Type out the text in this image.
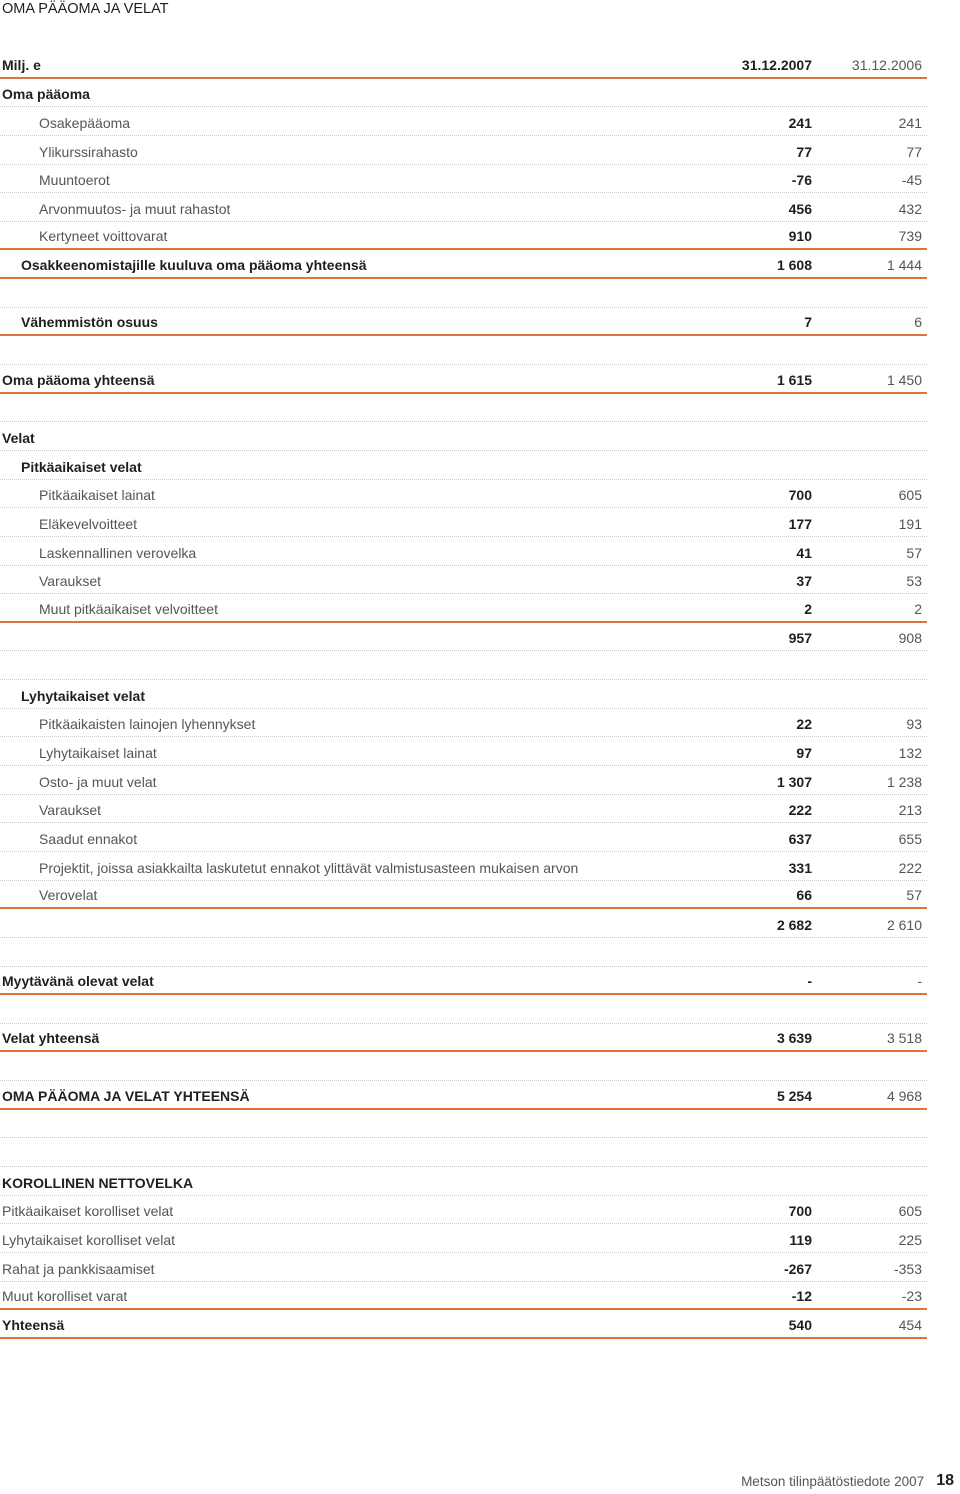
OMA PÄÄOMA JA VELAT
Milj. e	31.12.2007	31.12.2006
Oma pääoma
Osakepääoma	241	241
Ylikurssirahasto	77	77
Muuntoerot	-76	-45
Arvonmuutos- ja muut rahastot	456	432
Kertyneet voittovarat	910	739
Osakkeenomistajille kuuluva oma pääoma yhteensä	1 608	1 444
Vähemmistön osuus	7	6
Oma pääoma yhteensä	1 615	1 450
Velat
Pitkäaikaiset velat
Pitkäaikaiset lainat	700	605
Eläkevelvoitteet	177	191
Laskennallinen verovelka	41	57
Varaukset	37	53
Muut pitkäaikaiset velvoitteet	2	2
957	908
Lyhytaikaiset velat
Pitkäaikaisten lainojen lyhennykset	22	93
Lyhytaikaiset lainat	97	132
Osto- ja muut velat	1 307	1 238
Varaukset	222	213
Saadut ennakot	637	655
Projektit, joissa asiakkailta laskutetut ennakot ylittävät valmistusasteen mukaisen arvon	331	222
Verovelat	66	57
2 682	2 610
Myytävänä olevat velat	-	-
Velat yhteensä	3 639	3 518
OMA PÄÄOMA JA VELAT YHTEENSÄ	5 254	4 968
KOROLLINEN NETTOVELKA
Pitkäaikaiset korolliset velat	700	605
Lyhytaikaiset korolliset velat	119	225
Rahat ja pankkisaamiset	-267	-353
Muut korolliset varat	-12	-23
Yhteensä	540	454
Metson tilinpäätöstiedote 2007 18
